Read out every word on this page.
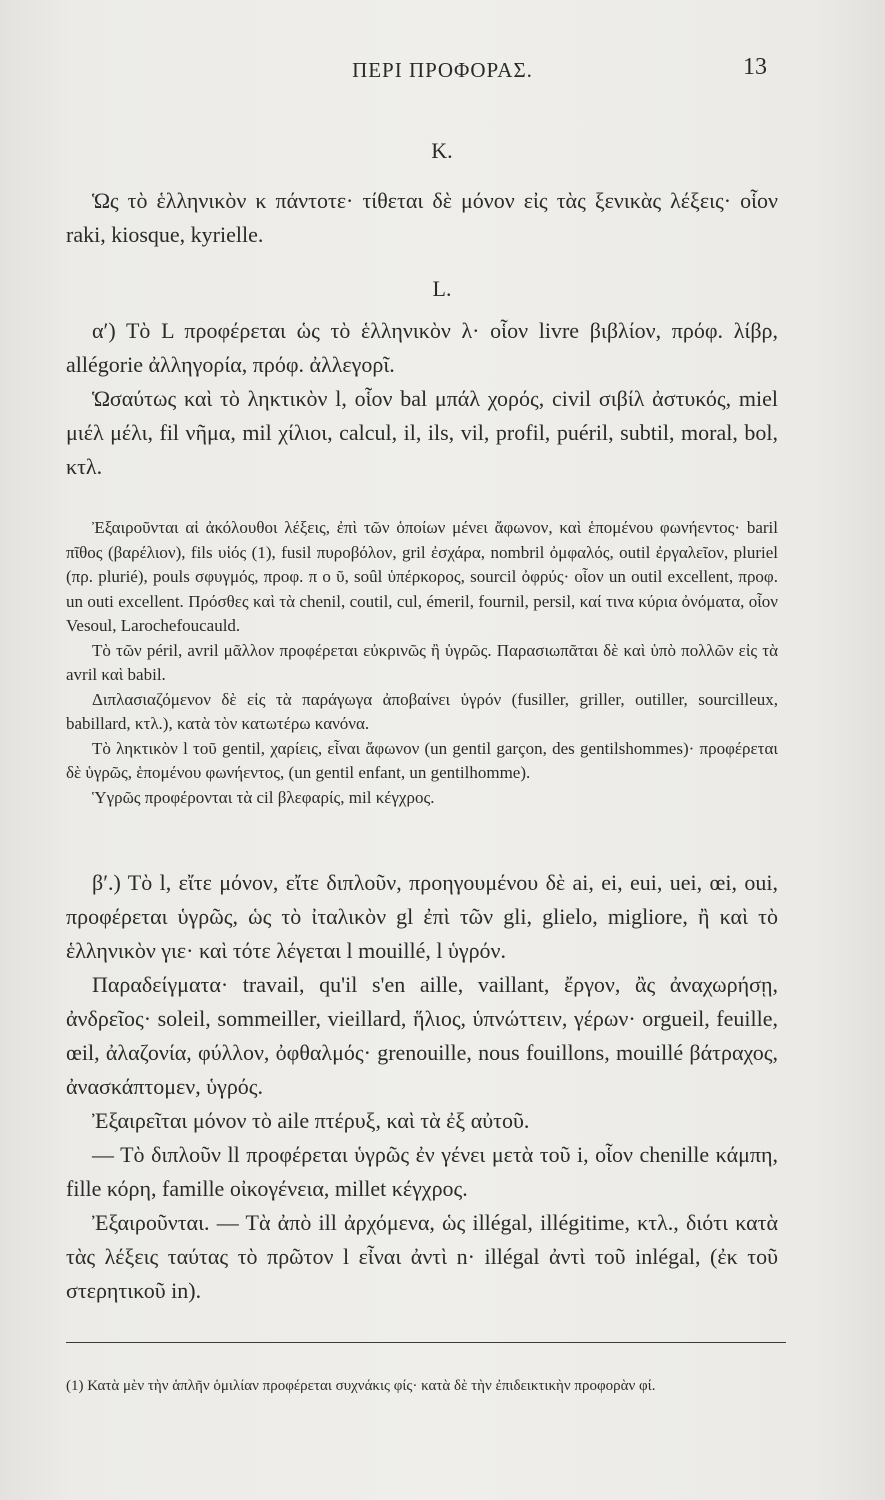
ΠΕΡΙ ΠΡΟΦΟΡΑΣ.	13

K.

Ὡς τὸ ἑλληνικὸν κ πάντοτε· τίθεται δὲ μόνον εἰς τὰς ξενικὰς λέξεις· οἷον raki, kiosque, kyrielle.

L.

α′) Τὸ L προφέρεται ὡς τὸ ἑλληνικὸν λ· οἷον livre βιβλίον, πρόφ. λίβρ, allégorie ἀλληγορία, πρόφ. ἀλλεγορῖ.

Ὡσαύτως καὶ τὸ ληκτικὸν l, οἷον bal μπάλ χορός, civil σιβίλ ἀστυκός, miel μιέλ μέλι, fil νῆμα, mil χίλιοι, calcul, il, ils, vil, profil, puéril, subtil, moral, bol, κτλ.

Ἐξαιροῦνται αἱ ἀκόλουθοι λέξεις, ἐπὶ τῶν ὁποίων μένει ἄφωνον, καὶ ἑπομένου φωνήεντος· baril πῖθος (βαρέλιον), fils υἱός (1), fusil πυροβόλον, gril ἐσχάρα, nombril ὀμφαλός, outil ἐργαλεῖον, pluriel (πρ. plurié), pouls σφυγμός, προφ. π ο ῦ, soûl ὑπέρκορος, sourcil ὀφρύς· οἷον un outil excellent, προφ. un outi excellent. Πρόσθες καὶ τὰ chenil, coutil, cul, émeril, fournil, persil, καί τινα κύρια ὀνόματα, οἷον Vesoul, Larochefoucauld.

Τὸ τῶν péril, avril μᾶλλον προφέρεται εὐκρινῶς ἢ ὑγρῶς. Παρασιωπᾶται δὲ καὶ ὑπὸ πολλῶν εἰς τὰ avril καὶ babil.

Διπλασιαζόμενον δὲ εἰς τὰ παράγωγα ἀποβαίνει ὑγρόν (fusiller, griller, outiller, sourcilleux, babillard, κτλ.), κατὰ τὸν κατωτέρω κανόνα.

Τὸ ληκτικὸν l τοῦ gentil, χαρίεις, εἶναι ἄφωνον (un gentil garçon, des gentilshommes)· προφέρεται δὲ ὑγρῶς, ἑπομένου φωνήεντος, (un gentil enfant, un gentilhomme).

Ὑγρῶς προφέρονται τὰ cil βλεφαρίς, mil κέγχρος.

β′.) Τὸ l, εἴτε μόνον, εἴτε διπλοῦν, προηγουμένου δὲ ai, ei, eui, uei, œi, oui, προφέρεται ὑγρῶς, ὡς τὸ ἰταλικὸν gl ἐπὶ τῶν gli, glielo, migliore, ἢ καὶ τὸ ἑλληνικὸν γιε· καὶ τότε λέγεται l mouillé, l ὑγρόν.

Παραδείγματα· travail, qu'il s'en aille, vaillant, ἔργον, ἂς ἀναχωρήσῃ, ἀνδρεῖος· soleil, sommeiller, vieillard, ἥλιος, ὑπνώττειν, γέρων· orgueil, feuille, œil, ἀλαζονία, φύλλον, ὀφθαλμός· grenouille, nous fouillons, mouillé βάτραχος, ἀνασκάπτομεν, ὑγρός.

Ἐξαιρεῖται μόνον τὸ aile πτέρυξ, καὶ τὰ ἐξ αὐτοῦ.

— Τὸ διπλοῦν ll προφέρεται ὑγρῶς ἐν γένει μετὰ τοῦ i, οἷον chenille κάμπη, fille κόρη, famille οἰκογένεια, millet κέγχρος.

Ἐξαιροῦνται. — Τὰ ἀπὸ ill ἀρχόμενα, ὡς illégal, illégitime, κτλ., διότι κατὰ τὰς λέξεις ταύτας τὸ πρῶτον l εἶναι ἀντὶ n· illégal ἀντὶ τοῦ inlégal, (ἐκ τοῦ στερητικοῦ in).

(1) Κατὰ μὲν τὴν ἁπλῆν ὁμιλίαν προφέρεται συχνάκις φίς· κατὰ δὲ τὴν ἐπιδεικτικὴν προφορὰν φί.
